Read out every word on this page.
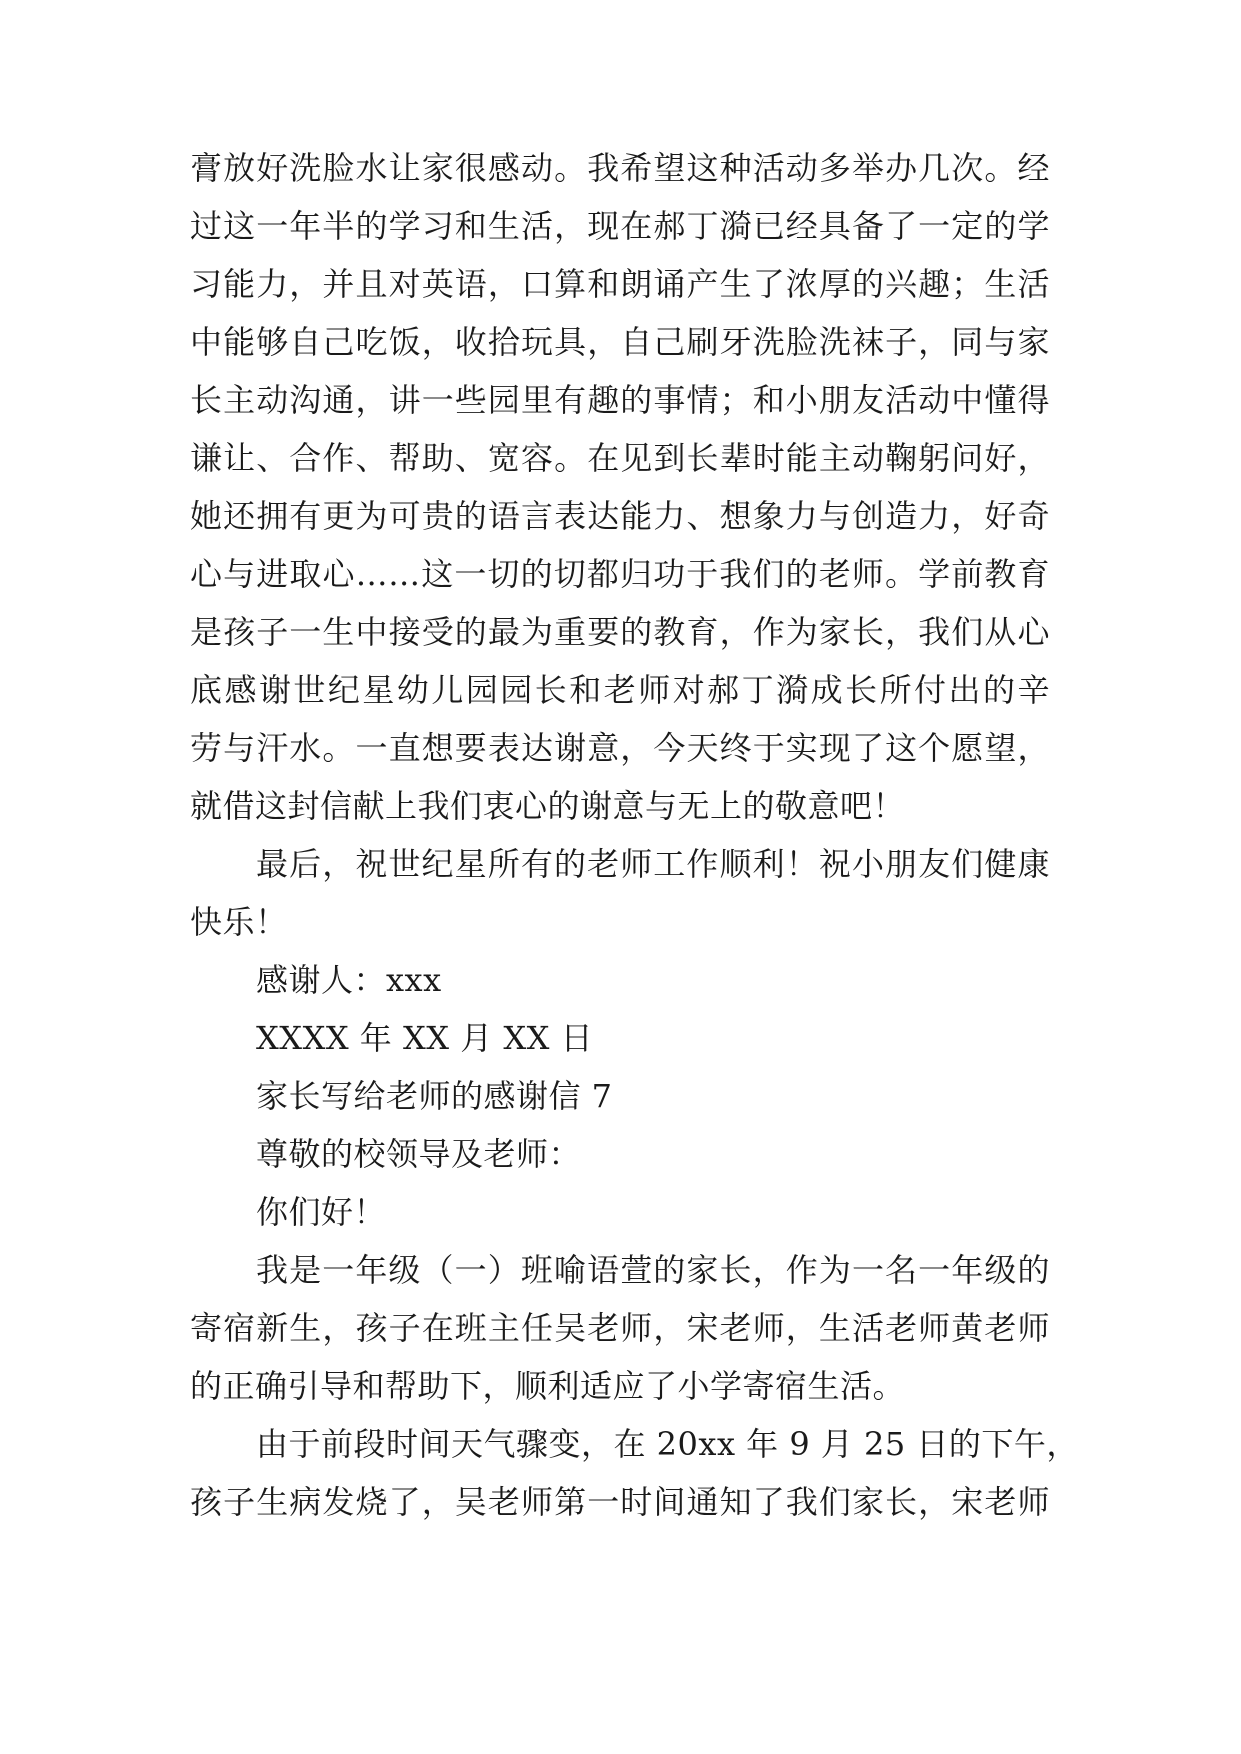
膏放好洗脸水让家很感动。我希望这种活动多举办几次。经
过这一年半的学习和生活，现在郝丁漪已经具备了一定的学
习能力，并且对英语，口算和朗诵产生了浓厚的兴趣；生活
中能够自己吃饭，收拾玩具，自己刷牙洗脸洗袜子，同与家
长主动沟通，讲一些园里有趣的事情；和小朋友活动中懂得
谦让、合作、帮助、宽容。在见到长辈时能主动鞠躬问好，
她还拥有更为可贵的语言表达能力、想象力与创造力，好奇
心与进取心……这一切的切都归功于我们的老师。学前教育
是孩子一生中接受的最为重要的教育，作为家长，我们从心
底感谢世纪星幼儿园园长和老师对郝丁漪成长所付出的辛
劳与汗水。一直想要表达谢意，今天终于实现了这个愿望，
就借这封信献上我们衷心的谢意与无上的敬意吧！
最后，祝世纪星所有的老师工作顺利！祝小朋友们健康
快乐！
感谢人：xxx
XXXX 年 XX 月 XX 日
家长写给老师的感谢信 7
尊敬的校领导及老师：
你们好！
我是一年级（一）班喻语萱的家长，作为一名一年级的
寄宿新生，孩子在班主任吴老师，宋老师，生活老师黄老师
的正确引导和帮助下，顺利适应了小学寄宿生活。
由于前段时间天气骤变，在 20xx 年 9 月 25 日的下午，
孩子生病发烧了，吴老师第一时间通知了我们家长，宋老师
